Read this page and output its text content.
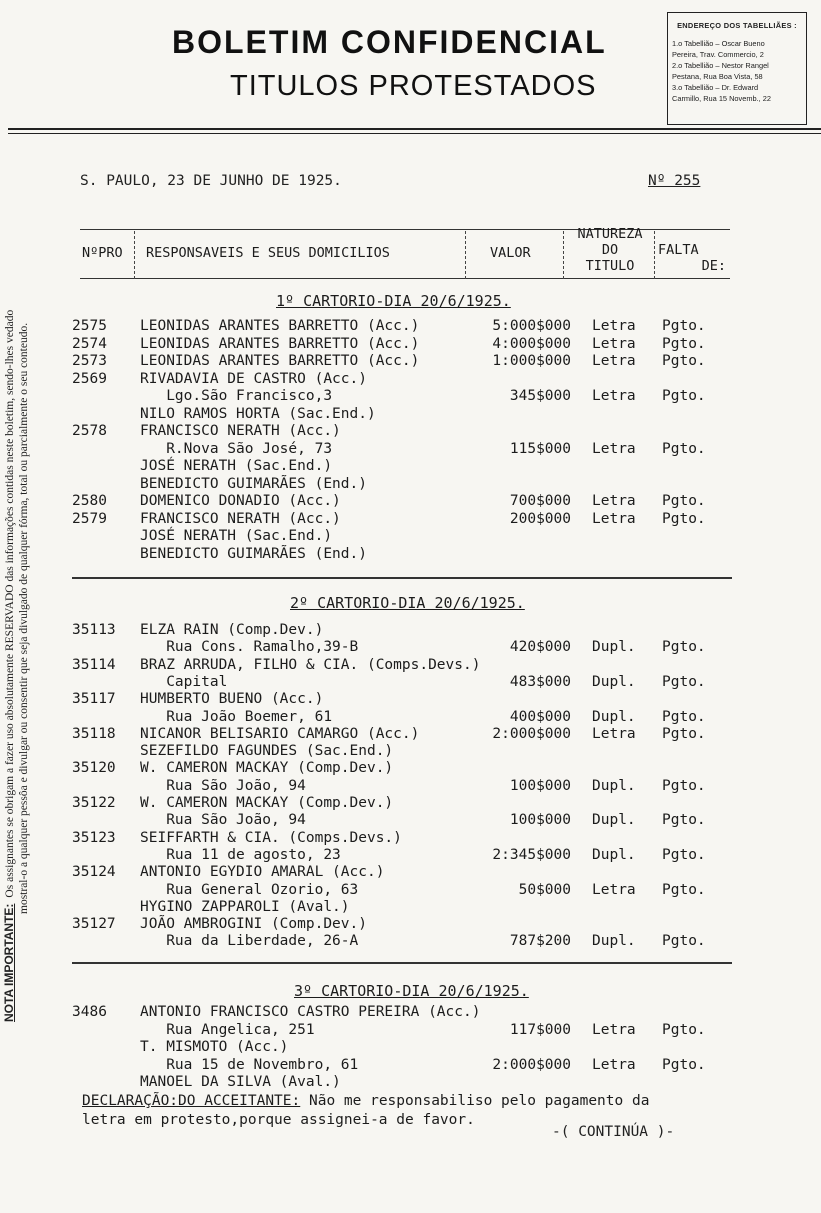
BOLETIM CONFIDENCIAL
TITULOS PROTESTADOS
ENDEREÇO DOS TABELLIÃES :
1.o Tabellião – Oscar Bueno
Pereira, Trav. Commercio, 2
2.o Tabellião – Nestor Rangel
Pestana, Rua Boa Vista, 58
3.o Tabellião – Dr. Edward
Carmillo, Rua 15 Novemb., 22
NOTA IMPORTANTE:Os assignantes se obrigam a fazer uso absolutamente RESERVADO das informações contidas neste boletim, sendo-lhes vedado mostral-o a qualquer pessôa e divulgar ou consentir que seja divulgado de qualquer fórma, total ou parcialmente o seu conteudo.
S. PAULO, 23 DE JUNHO DE 1925.	Nº 255
NºPRO RESPONSAVEIS E SEUS DOMICILIOS	VALOR
NATUREZA
DO
TITULO
FALTA
DE:
1º CARTORIO-DIA 20/6/1925.
2575 LEONIDAS ARANTES BARRETTO (Acc.)	5:000$000 Letra Pgto.
2574 LEONIDAS ARANTES BARRETTO (Acc.)	4:000$000 Letra Pgto.
2573 LEONIDAS ARANTES BARRETTO (Acc.)	1:000$000 Letra Pgto.
2569 RIVADAVIA DE CASTRO (Acc.)
Lgo.São Francisco,3	345$000 Letra Pgto.
NILO RAMOS HORTA (Sac.End.)
2578 FRANCISCO NERATH (Acc.)
R.Nova São José, 73	115$000 Letra Pgto.
JOSÉ NERATH (Sac.End.)
BENEDICTO GUIMARÃES (End.)
2580 DOMENICO DONADIO (Acc.)	700$000 Letra Pgto.
2579 FRANCISCO NERATH (Acc.)	200$000 Letra Pgto.
JOSÉ NERATH (Sac.End.)
BENEDICTO GUIMARÃES (End.)
2º CARTORIO-DIA 20/6/1925.
35113 ELZA RAIN (Comp.Dev.)
Rua Cons. Ramalho,39-B	420$000 Dupl. Pgto.
35114 BRAZ ARRUDA, FILHO & CIA. (Comps.Devs.)
Capital	483$000 Dupl. Pgto.
35117 HUMBERTO BUENO (Acc.)
Rua João Boemer, 61	400$000 Dupl. Pgto.
35118 NICANOR BELISARIO CAMARGO (Acc.)	2:000$000 Letra Pgto.
SEZEFILDO FAGUNDES (Sac.End.)
35120 W. CAMERON MACKAY (Comp.Dev.)
Rua São João, 94	100$000 Dupl. Pgto.
35122 W. CAMERON MACKAY (Comp.Dev.)
Rua São João, 94	100$000 Dupl. Pgto.
35123 SEIFFARTH & CIA. (Comps.Devs.)
Rua 11 de agosto, 23	2:345$000 Dupl. Pgto.
35124 ANTONIO EGYDIO AMARAL (Acc.)
Rua General Ozorio, 63	50$000 Letra Pgto.
HYGINO ZAPPAROLI (Aval.)
35127 JOÃO AMBROGINI (Comp.Dev.)
Rua da Liberdade, 26-A	787$200 Dupl. Pgto.
3º CARTORIO-DIA 20/6/1925.
3486 ANTONIO FRANCISCO CASTRO PEREIRA (Acc.)
Rua Angelica, 251	117$000 Letra Pgto.
T. MISMOTO (Acc.)
Rua 15 de Novembro, 61	2:000$000 Letra Pgto.
MANOEL DA SILVA (Aval.)
DECLARAÇÃO:DO ACCEITANTE: Não me responsabiliso pelo pagamento da
letra em protesto,porque assignei-a de favor.
-( CONTINÚA )-
